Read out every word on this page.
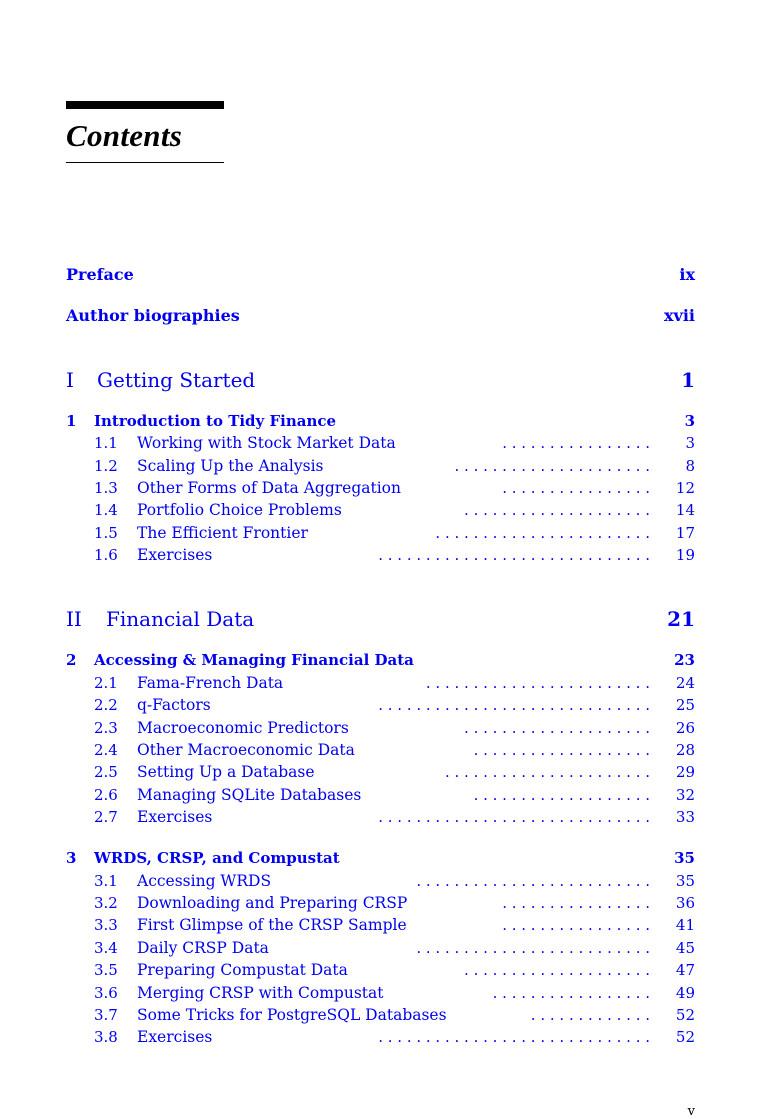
Contents
Preface	ix
Author biographies	xvii
I Getting Started	1
1 Introduction to Tidy Finance	3
1.1 Working with Stock Market Data	. . . . . . . . . . . . . . . . 3
1.2 Scaling Up the Analysis	. . . . . . . . . . . . . . . . . . . . . 8
1.3 Other Forms of Data Aggregation	. . . . . . . . . . . . . . . . 12
1.4 Portfolio Choice Problems	. . . . . . . . . . . . . . . . . . . . 14
1.5 The Efficient Frontier	. . . . . . . . . . . . . . . . . . . . . . . 17
1.6 Exercises	. . . . . . . . . . . . . . . . . . . . . . . . . . . . . 19
II Financial Data	21
2 Accessing & Managing Financial Data	23
2.1 Fama-French Data	. . . . . . . . . . . . . . . . . . . . . . . . 24
2.2 q-Factors	. . . . . . . . . . . . . . . . . . . . . . . . . . . . . 25
2.3 Macroeconomic Predictors	. . . . . . . . . . . . . . . . . . . . 26
2.4 Other Macroeconomic Data	. . . . . . . . . . . . . . . . . . . 28
2.5 Setting Up a Database	. . . . . . . . . . . . . . . . . . . . . . 29
2.6 Managing SQLite Databases	. . . . . . . . . . . . . . . . . . . 32
2.7 Exercises	. . . . . . . . . . . . . . . . . . . . . . . . . . . . . 33
3 WRDS, CRSP, and Compustat	35
3.1 Accessing WRDS	. . . . . . . . . . . . . . . . . . . . . . . . . 35
3.2 Downloading and Preparing CRSP	. . . . . . . . . . . . . . . . 36
3.3 First Glimpse of the CRSP Sample	. . . . . . . . . . . . . . . . 41
3.4 Daily CRSP Data	. . . . . . . . . . . . . . . . . . . . . . . . . 45
3.5 Preparing Compustat Data	. . . . . . . . . . . . . . . . . . . . 47
3.6 Merging CRSP with Compustat	. . . . . . . . . . . . . . . . . 49
3.7 Some Tricks for PostgreSQL Databases	. . . . . . . . . . . . . 52
3.8 Exercises	. . . . . . . . . . . . . . . . . . . . . . . . . . . . . 52
v
